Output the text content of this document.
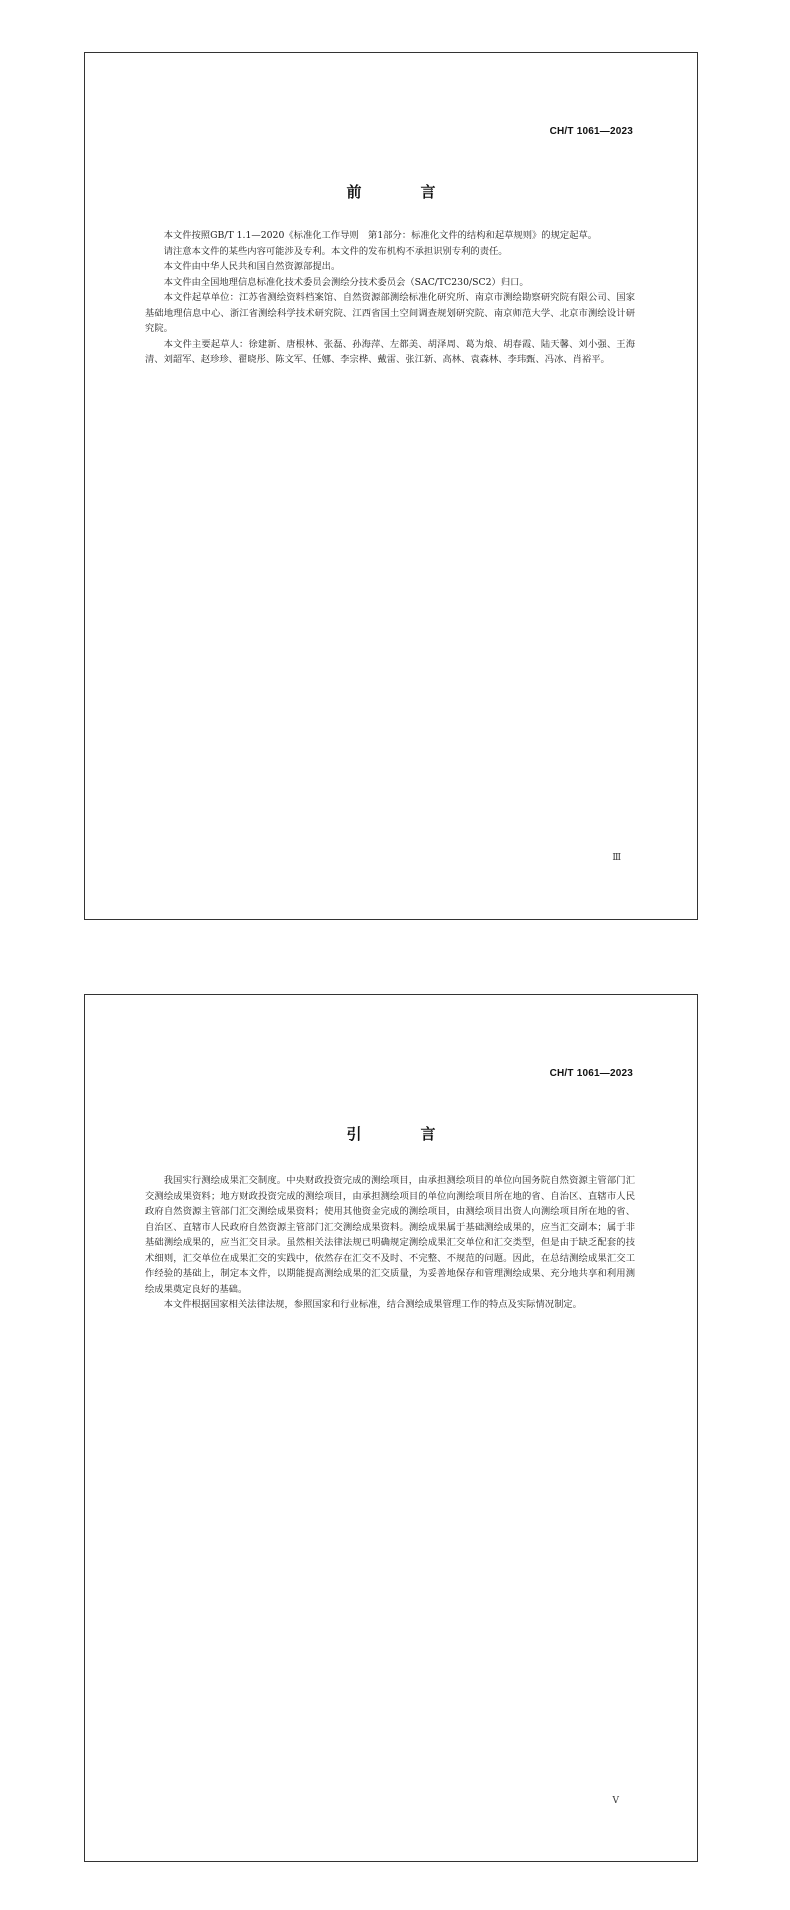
CH/T 1061—2023
前　言

本文件按照GB/T 1.1—2020《标准化工作导则　第1部分：标准化文件的结构和起草规则》的规定起草。

请注意本文件的某些内容可能涉及专利。本文件的发布机构不承担识别专利的责任。

本文件由中华人民共和国自然资源部提出。

本文件由全国地理信息标准化技术委员会测绘分技术委员会（SAC/TC230/SC2）归口。

本文件起草单位：江苏省测绘资料档案馆、自然资源部测绘标准化研究所、南京市测绘勘察研究院有限公司、国家基础地理信息中心、浙江省测绘科学技术研究院、江西省国土空间调查规划研究院、南京师范大学、北京市测绘设计研究院。

本文件主要起草人：徐建新、唐根林、张磊、孙海萍、左都美、胡泽周、葛为烺、胡春霞、陆天馨、刘小强、王海清、刘韶军、赵珍珍、翟晓彤、陈文军、任娜、李宗桦、戴雷、张江新、高林、袁森林、李玮甄、冯冰、肖裕平。

Ⅲ
CH/T 1061—2023
引　言

我国实行测绘成果汇交制度。中央财政投资完成的测绘项目，由承担测绘项目的单位向国务院自然资源主管部门汇交测绘成果资料；地方财政投资完成的测绘项目，由承担测绘项目的单位向测绘项目所在地的省、自治区、直辖市人民政府自然资源主管部门汇交测绘成果资料；使用其他资金完成的测绘项目，由测绘项目出资人向测绘项目所在地的省、自治区、直辖市人民政府自然资源主管部门汇交测绘成果资料。测绘成果属于基础测绘成果的，应当汇交副本；属于非基础测绘成果的，应当汇交目录。虽然相关法律法规已明确规定测绘成果汇交单位和汇交类型，但是由于缺乏配套的技术细则，汇交单位在成果汇交的实践中，依然存在汇交不及时、不完整、不规范的问题。因此，在总结测绘成果汇交工作经验的基础上，制定本文件，以期能提高测绘成果的汇交质量，为妥善地保存和管理测绘成果、充分地共享和利用测绘成果奠定良好的基础。

本文件根据国家相关法律法规，参照国家和行业标准，结合测绘成果管理工作的特点及实际情况制定。

Ⅴ
